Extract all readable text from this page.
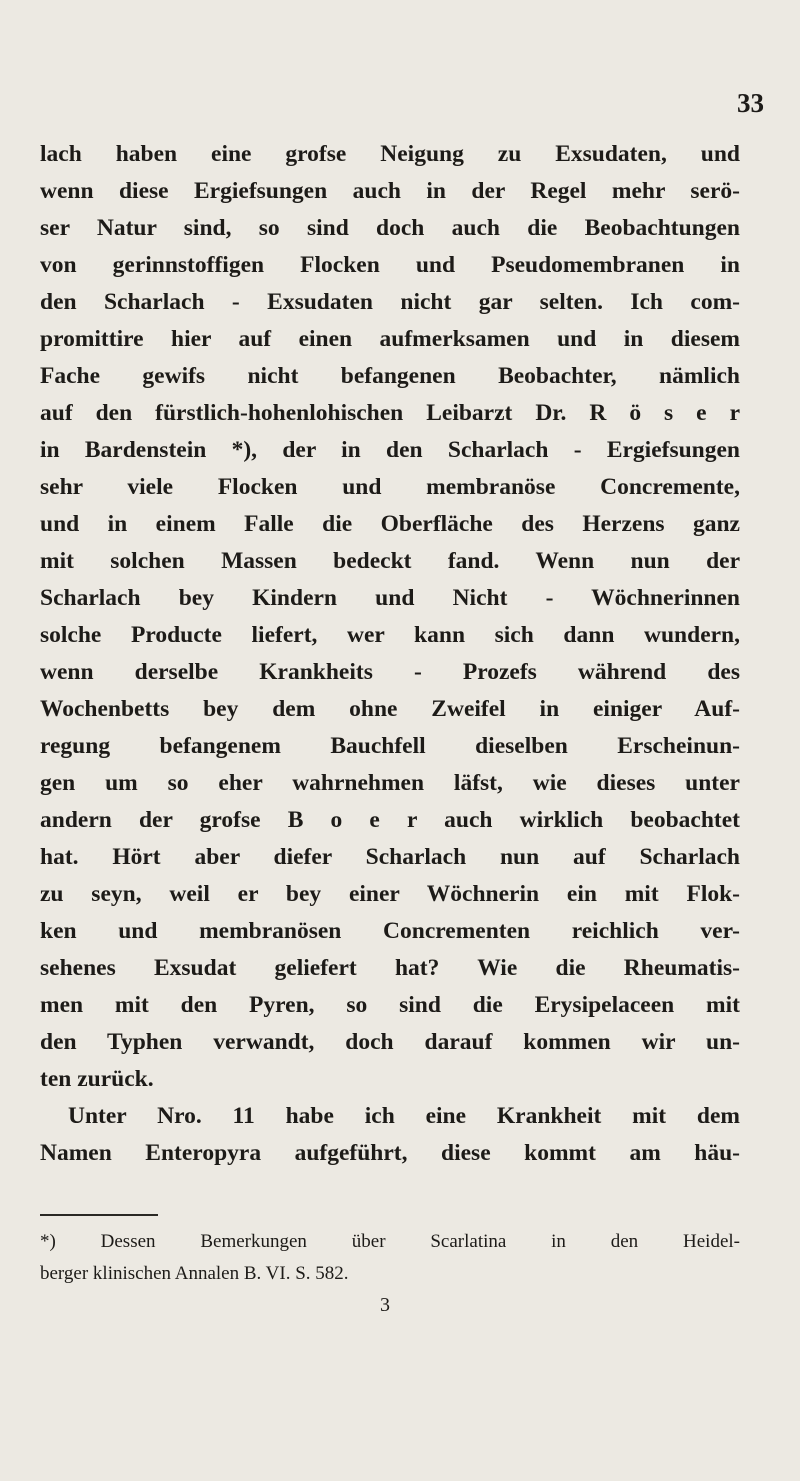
33
lach haben eine grofse Neigung zu Exsudaten, und
wenn diese Ergiefsungen auch in der Regel mehr serö-
ser Natur sind, so sind doch auch die Beobachtungen
von gerinnstoffigen Flocken und Pseudomembranen in
den Scharlach - Exsudaten nicht gar selten. Ich com-
promittire hier auf einen aufmerksamen und in diesem
Fache gewifs nicht befangenen Beobachter, nämlich
auf den fürstlich-hohenlohischen Leibarzt Dr. R ö s e r
in Bardenstein *), der in den Scharlach - Ergiefsungen
sehr viele Flocken und membranöse Concremente,
und in einem Falle die Oberfläche des Herzens ganz
mit solchen Massen bedeckt fand. Wenn nun der
Scharlach bey Kindern und Nicht - Wöchnerinnen
solche Producte liefert, wer kann sich dann wundern,
wenn derselbe Krankheits - Prozefs während des
Wochenbetts bey dem ohne Zweifel in einiger Auf-
regung befangenem Bauchfell dieselben Erscheinun-
gen um so eher wahrnehmen läfst, wie dieses unter
andern der grofse B o e r auch wirklich beobachtet
hat. Hört aber diefer Scharlach nun auf Scharlach
zu seyn, weil er bey einer Wöchnerin ein mit Flok-
ken und membranösen Concrementen reichlich ver-
sehenes Exsudat geliefert hat? Wie die Rheumatis-
men mit den Pyren, so sind die Erysipelaceen mit
den Typhen verwandt, doch darauf kommen wir un-
ten zurück.
Unter Nro. 11 habe ich eine Krankheit mit dem
Namen Enteropyra aufgeführt, diese kommt am häu-
*) Dessen Bemerkungen über Scarlatina in den Heidel-
berger klinischen Annalen B. VI. S. 582.
3
